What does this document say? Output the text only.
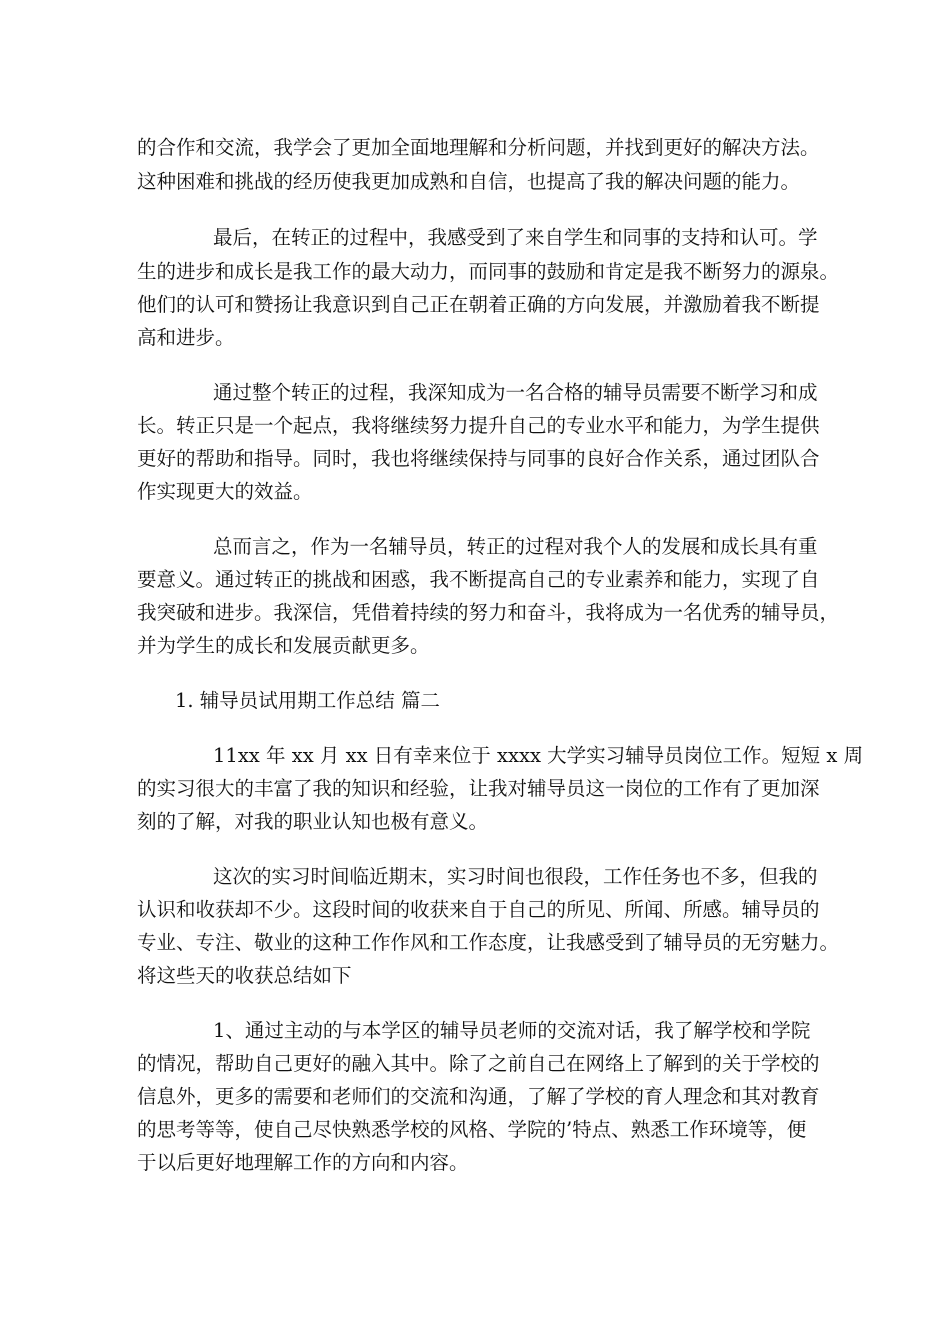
的合作和交流，我学会了更加全面地理解和分析问题，并找到更好的解决方法。
这种困难和挑战的经历使我更加成熟和自信，也提高了我的解决问题的能力。
最后，在转正的过程中，我感受到了来自学生和同事的支持和认可。学
生的进步和成长是我工作的最大动力，而同事的鼓励和肯定是我不断努力的源泉。
他们的认可和赞扬让我意识到自己正在朝着正确的方向发展，并激励着我不断提
高和进步。
通过整个转正的过程，我深知成为一名合格的辅导员需要不断学习和成
长。转正只是一个起点，我将继续努力提升自己的专业水平和能力，为学生提供
更好的帮助和指导。同时，我也将继续保持与同事的良好合作关系，通过团队合
作实现更大的效益。
总而言之，作为一名辅导员，转正的过程对我个人的发展和成长具有重
要意义。通过转正的挑战和困惑，我不断提高自己的专业素养和能力，实现了自
我突破和进步。我深信，凭借着持续的努力和奋斗，我将成为一名优秀的辅导员，
并为学生的成长和发展贡献更多。
1. 辅导员试用期工作总结 篇二
11xx 年 xx 月 xx 日有幸来位于 xxxx 大学实习辅导员岗位工作。短短 x 周
的实习很大的丰富了我的知识和经验，让我对辅导员这一岗位的工作有了更加深
刻的了解，对我的职业认知也极有意义。
这次的实习时间临近期末，实习时间也很段，工作任务也不多，但我的
认识和收获却不少。这段时间的收获来自于自己的所见、所闻、所感。辅导员的
专业、专注、敬业的这种工作作风和工作态度，让我感受到了辅导员的无穷魅力。
将这些天的收获总结如下
1、通过主动的与本学区的辅导员老师的交流对话，我了解学校和学院
的情况，帮助自己更好的融入其中。除了之前自己在网络上了解到的关于学校的
信息外，更多的需要和老师们的交流和沟通，了解了学校的育人理念和其对教育
的思考等等，使自己尽快熟悉学校的风格、学院的’特点、熟悉工作环境等，便
于以后更好地理解工作的方向和内容。
